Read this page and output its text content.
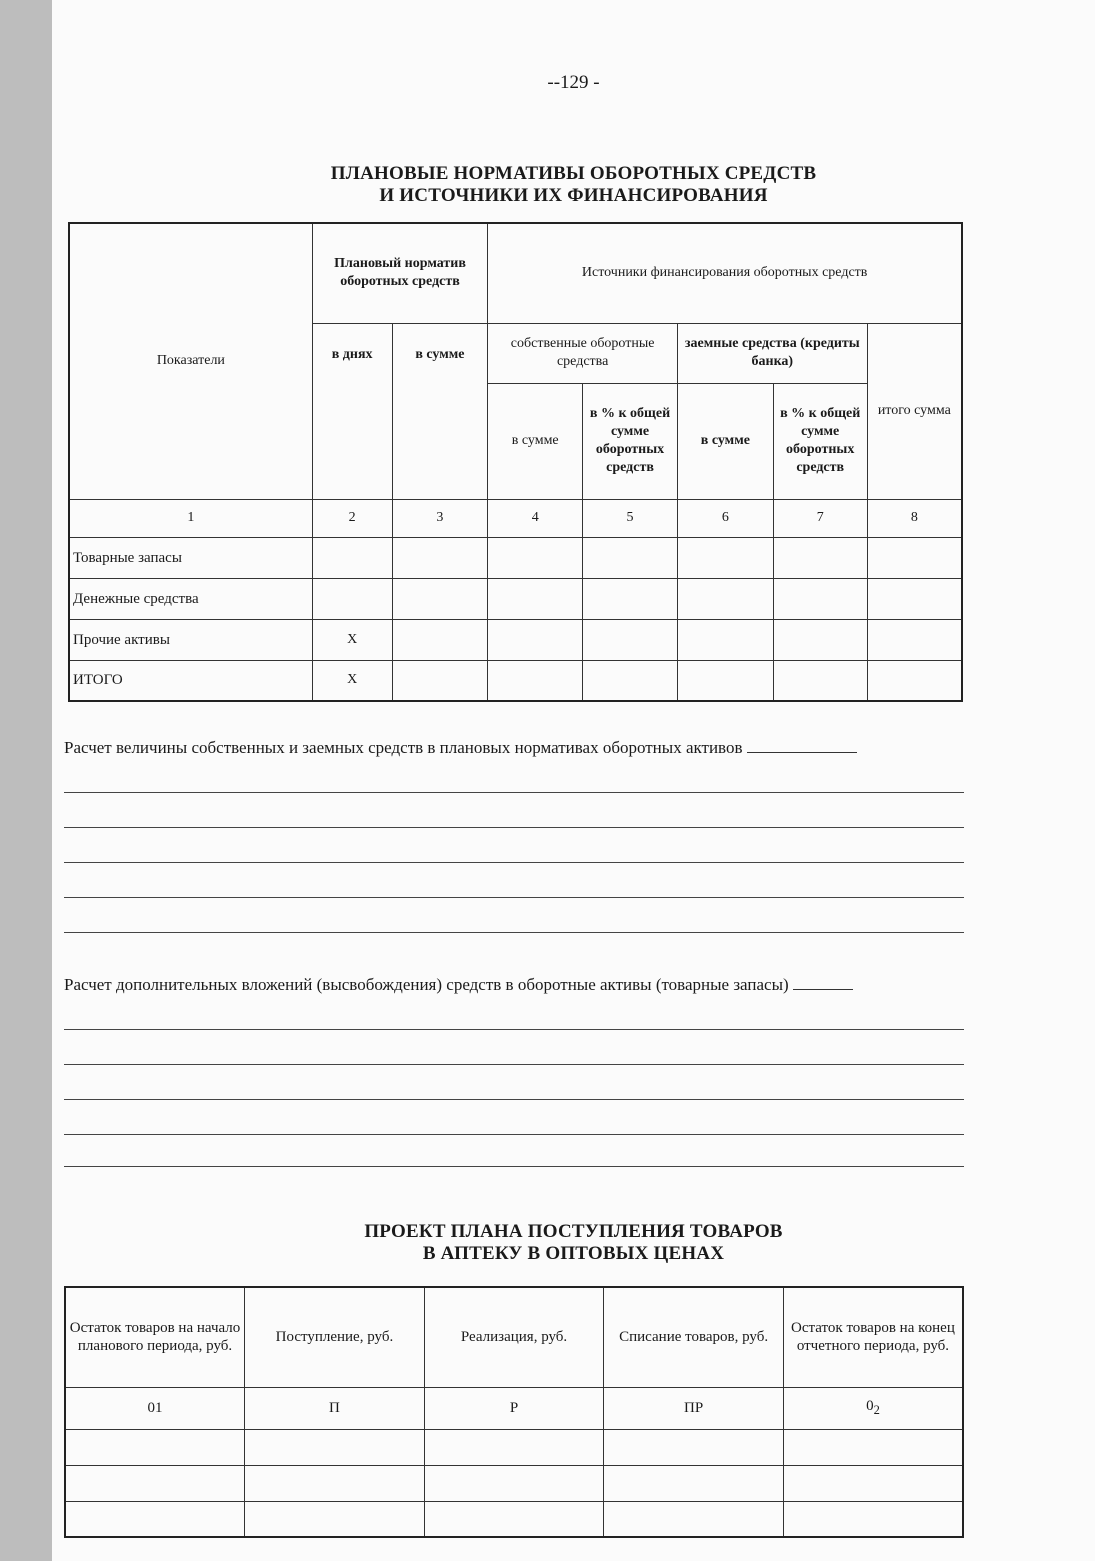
--129 -
ПЛАНОВЫЕ НОРМАТИВЫ ОБОРОТНЫХ СРЕДСТВ
И ИСТОЧНИКИ ИХ ФИНАНСИРОВАНИЯ
Показатели	Плановый норматив оборотных средств		Источники финансирования оборотных средств				
	в днях	в сумме	собственные оборотные средства		заемные средства (кредиты банка)		итого сумма
			в сумме	в % к общей сумме оборотных средств	в сумме	в % к общей сумме оборотных средств	
1	2	3	4	5	6	7	8
Товарные запасы							
Денежные средства							
Прочие активы	Х						
ИТОГО	Х						
Расчет величины собственных и заемных средств в плановых нормативах оборотных активов
Расчет дополнительных вложений (высвобождения) средств в оборотные активы (товарные запасы)
ПРОЕКТ ПЛАНА ПОСТУПЛЕНИЯ ТОВАРОВ
В АПТЕКУ В ОПТОВЫХ ЦЕНАХ
Остаток товаров на начало планового периода, руб.	Поступление, руб.	Реализация, руб.	Списание товаров, руб.	Остаток товаров на конец отчетного периода, руб.
01	П	Р	ПР	$0_2$
